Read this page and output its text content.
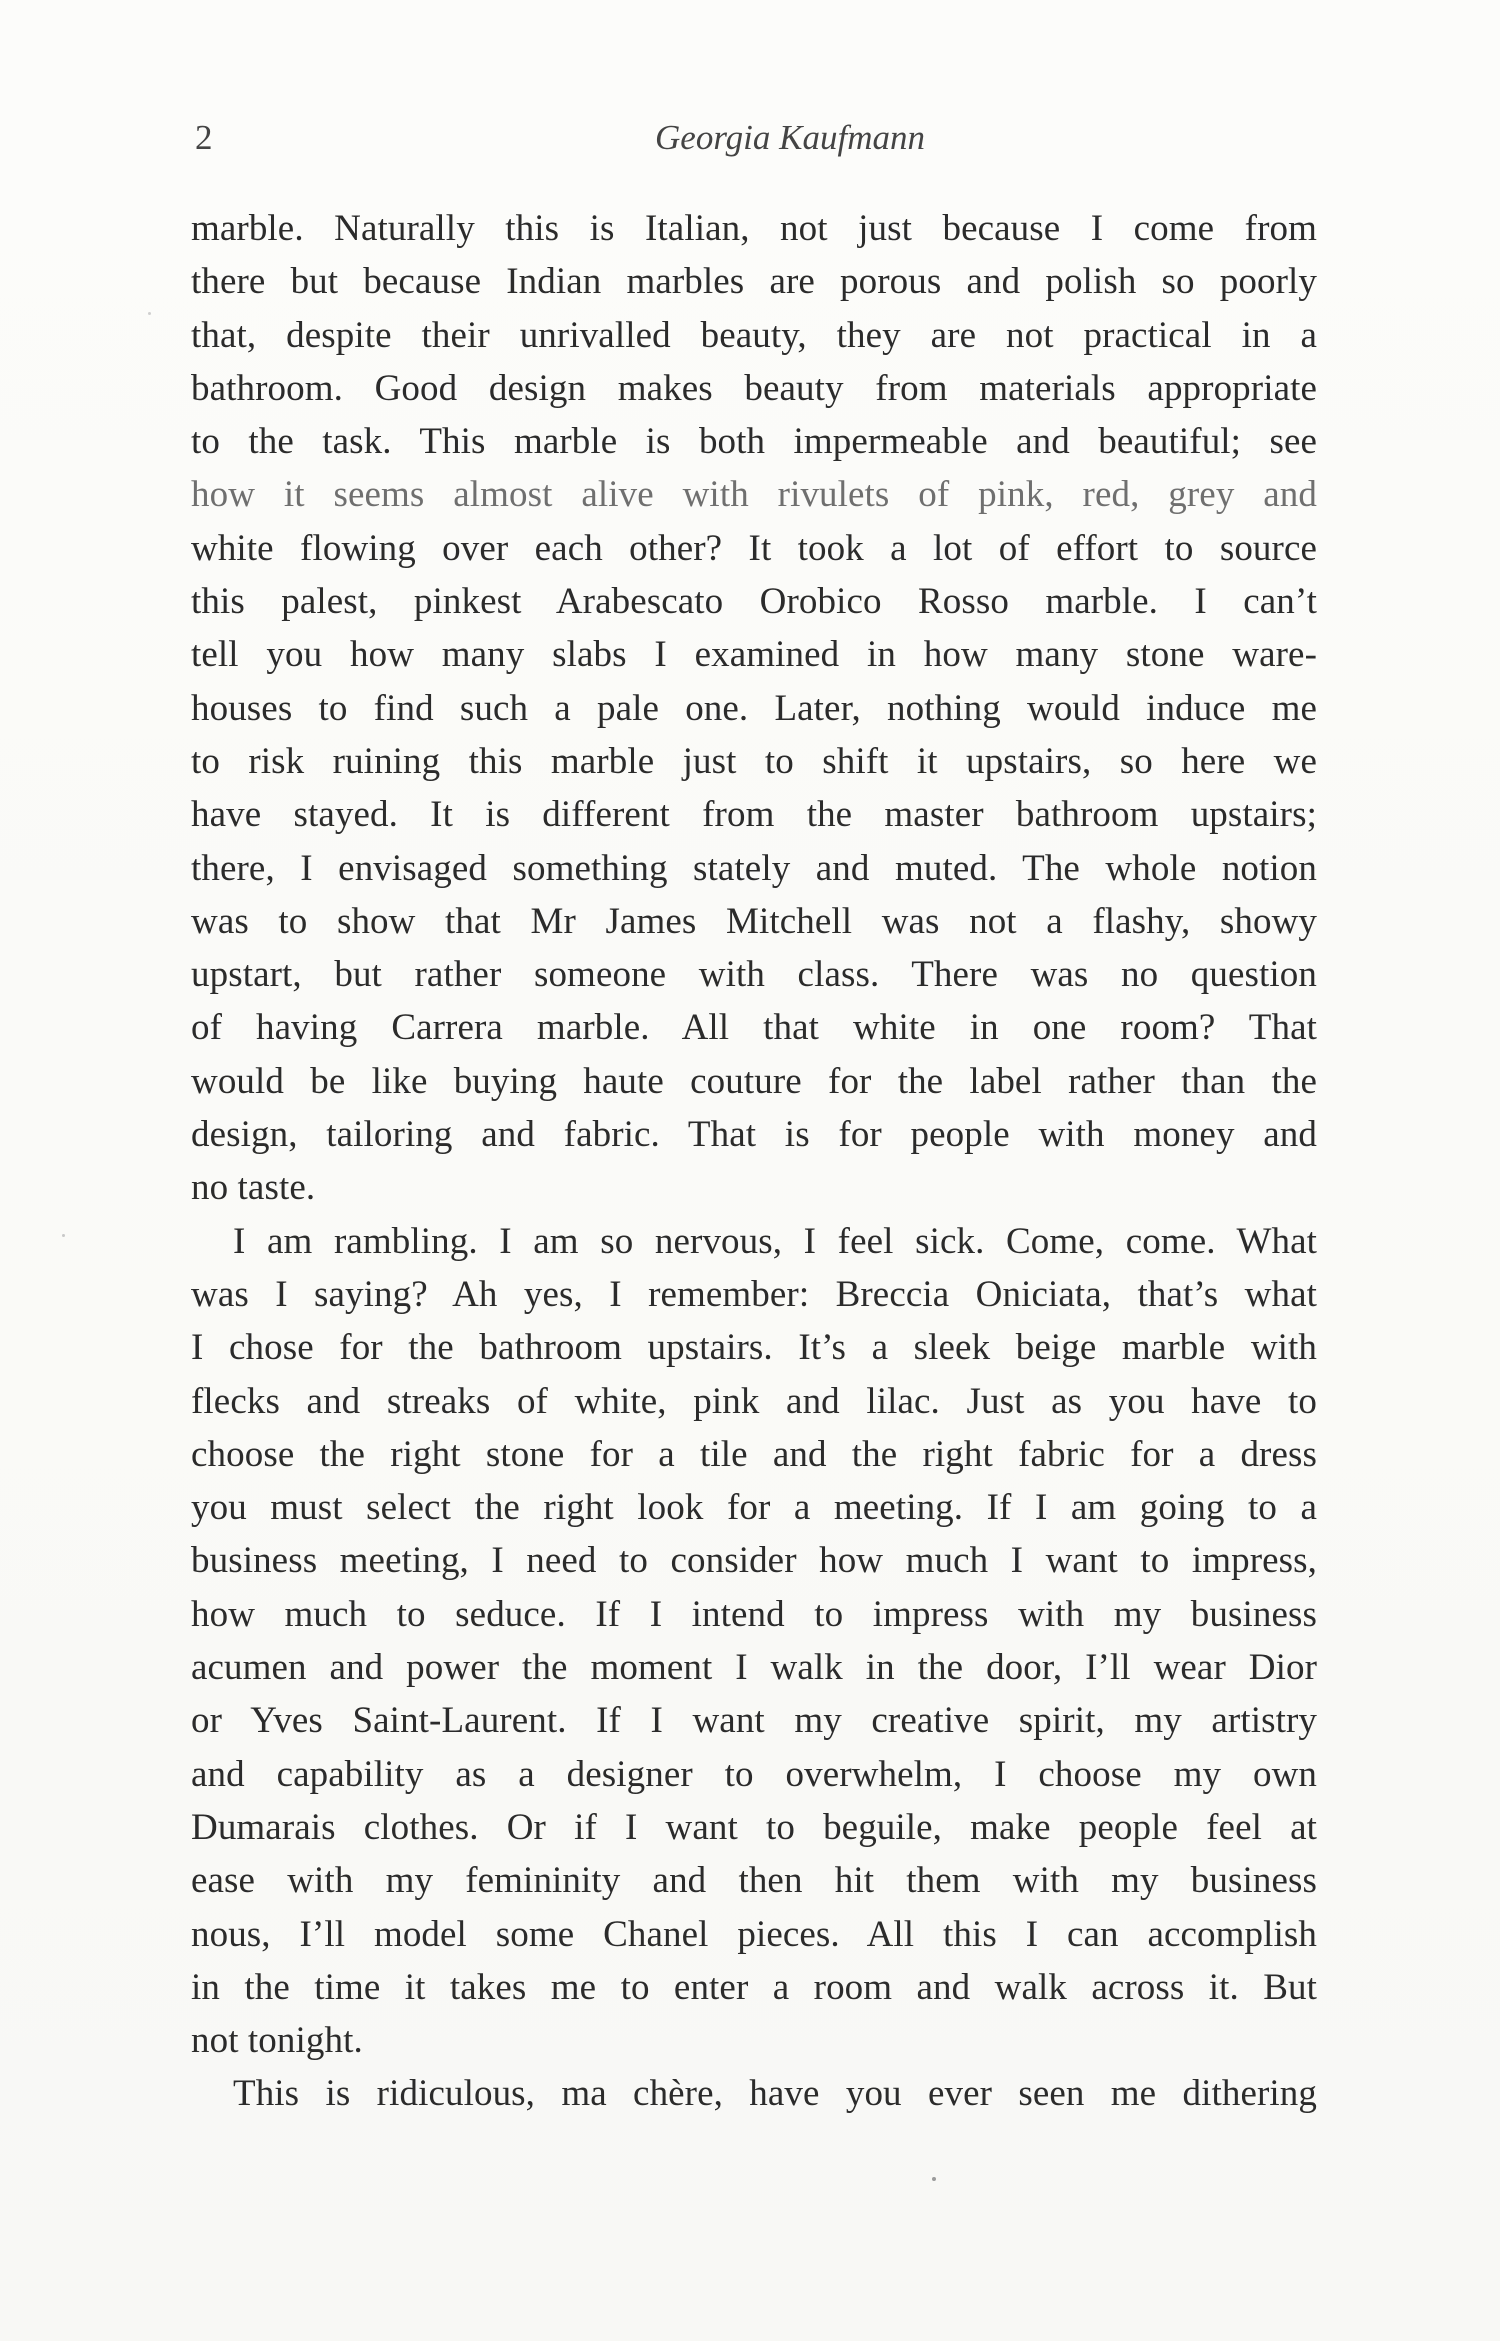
2	Georgia Kaufmann
marble. Naturally this is Italian, not just because I come from
there but because Indian marbles are porous and polish so poorly
that, despite their unrivalled beauty, they are not practical in a
bathroom. Good design makes beauty from materials appropriate
to the task. This marble is both impermeable and beautiful; see
how it seems almost alive with rivulets of pink, red, grey and
white flowing over each other? It took a lot of effort to source
this palest, pinkest Arabescato Orobico Rosso marble. I can’t
tell you how many slabs I examined in how many stone ware-
houses to find such a pale one. Later, nothing would induce me
to risk ruining this marble just to shift it upstairs, so here we
have stayed. It is different from the master bathroom upstairs;
there, I envisaged something stately and muted. The whole notion
was to show that Mr James Mitchell was not a flashy, showy
upstart, but rather someone with class. There was no question
of having Carrera marble. All that white in one room? That
would be like buying haute couture for the label rather than the
design, tailoring and fabric. That is for people with money and
no taste.
I am rambling. I am so nervous, I feel sick. Come, come. What
was I saying? Ah yes, I remember: Breccia Oniciata, that’s what
I chose for the bathroom upstairs. It’s a sleek beige marble with
flecks and streaks of white, pink and lilac. Just as you have to
choose the right stone for a tile and the right fabric for a dress
you must select the right look for a meeting. If I am going to a
business meeting, I need to consider how much I want to impress,
how much to seduce. If I intend to impress with my business
acumen and power the moment I walk in the door, I’ll wear Dior
or Yves Saint-Laurent. If I want my creative spirit, my artistry
and capability as a designer to overwhelm, I choose my own
Dumarais clothes. Or if I want to beguile, make people feel at
ease with my femininity and then hit them with my business
nous, I’ll model some Chanel pieces. All this I can accomplish
in the time it takes me to enter a room and walk across it. But
not tonight.
This is ridiculous, ma chère, have you ever seen me dithering
